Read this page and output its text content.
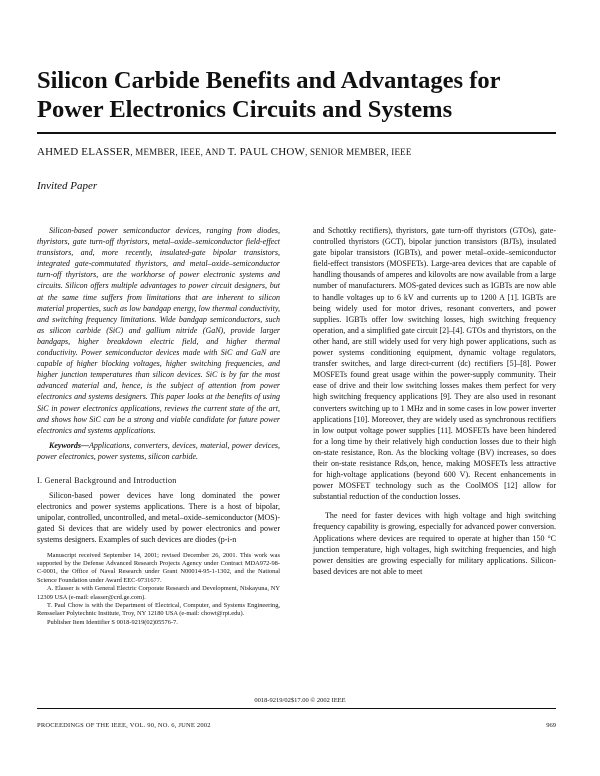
Silicon Carbide Benefits and Advantages for Power Electronics Circuits and Systems
AHMED ELASSER, MEMBER, IEEE, AND T. PAUL CHOW, SENIOR MEMBER, IEEE
Invited Paper

Silicon-based power semiconductor devices, ranging from diodes, thyristors, gate turn-off thyristors, metal–oxide–semiconductor field-effect transistors, and, more recently, insulated-gate bipolar transistors, integrated gate-commutated thyristors, and metal–oxide–semiconductor turn-off thyristors, are the workhorse of power electronic systems and circuits. Silicon offers multiple advantages to power circuit designers, but at the same time suffers from limitations that are inherent to silicon material properties, such as low bandgap energy, low thermal conductivity, and switching frequency limitations. Wide bandgap semiconductors, such as silicon carbide (SiC) and gallium nitride (GaN), provide larger bandgaps, higher breakdown electric field, and higher thermal conductivity. Power semiconductor devices made with SiC and GaN are capable of higher blocking voltages, higher switching frequencies, and higher junction temperatures than silicon devices. SiC is by far the most advanced material and, hence, is the subject of attention from power electronics and systems designers. This paper looks at the benefits of using SiC in power electronics applications, reviews the current state of the art, and shows how SiC can be a strong and viable candidate for future power electronics and systems applications.

Keywords—Applications, converters, devices, material, power devices, power electronics, power systems, silicon carbide.

I. General Background and Introduction

Silicon-based power devices have long dominated the power electronics and power systems applications. There is a host of bipolar, unipolar, controlled, uncontrolled, and metal–oxide–semiconductor (MOS)-gated Si devices that are widely used by power electronics and power systems designers. Examples of such devices are diodes (p-i-n

Manuscript received September 14, 2001; revised December 26, 2001. This work was supported by the Defense Advanced Research Projects Agency under Contract MDA972-98-C-0001, the Office of Naval Research under Grant N00014-95-1-1302, and the National Science Foundation under Award EEC-9731677.

A. Elasser is with General Electric Corporate Research and Development, Niskayuna, NY 12309 USA (e-mail: elasser@crd.ge.com).

T. Paul Chow is with the Department of Electrical, Computer, and Systems Engineering, Rensselaer Polytechnic Institute, Troy, NY 12180 USA (e-mail: chowt@rpi.edu).

Publisher Item Identifier S 0018-9219(02)05576-7.

and Schottky rectifiers), thyristors, gate turn-off thyristors (GTOs), gate-controlled thyristors (GCT), bipolar junction transistors (BJTs), insulated gate bipolar transistors (IGBTs), and power metal–oxide–semiconductor field-effect transistors (MOSFETs). Large-area devices that are capable of handling thousands of amperes and kilovolts are now available from a large number of manufacturers. MOS-gated devices such as IGBTs are now able to handle voltages up to 6 kV and currents up to 1200 A [1]. IGBTs are being widely used for motor drives, resonant converters, and power supplies. IGBTs offer low switching losses, high switching frequency operation, and a simplified gate circuit [2]–[4]. GTOs and thyristors, on the other hand, are still widely used for very high power applications, such as power systems conditioning equipment, dynamic voltage regulators, transfer switches, and large direct-current (dc) rectifiers [5]–[8]. Power MOSFETs found great usage within the power-supply community. Their ease of drive and their low switching losses makes them perfect for very high switching frequency applications [9]. They are also used in resonant converters switching up to 1 MHz and in some cases in low power inverter applications [10]. Moreover, they are widely used as synchronous rectifiers in low output voltage power supplies [11]. MOSFETs have been hindered for a long time by their relatively high conduction losses due to their high on-state resistance, Ron. As the blocking voltage (BV) increases, so does their on-state resistance Rds,on, hence, making MOSFETs less attractive for high-voltage applications (beyond 600 V). Recent enhancements in power MOSFET technology such as the CoolMOS [12] allow for substantial reduction of the conduction losses.

The need for faster devices with high voltage and high switching frequency capability is growing, especially for advanced power conversion. Applications where devices are required to operate at higher than 150 °C junction temperature, high voltages, high switching frequencies, and high power densities are growing especially for military applications. Silicon-based devices are not able to meet

0018-9219/02$17.00 © 2002 IEEE
PROCEEDINGS OF THE IEEE, VOL. 90, NO. 6, JUNE 2002	969
